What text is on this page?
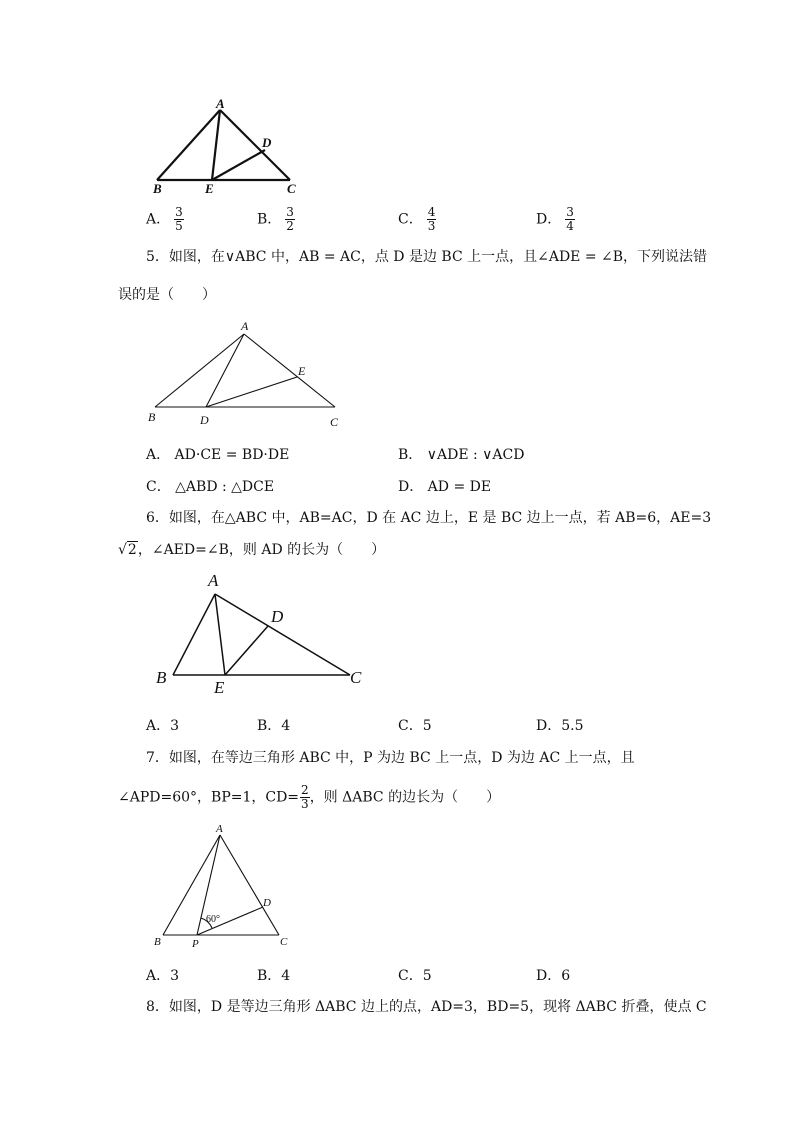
A
B	E	C
D
A． $\frac{3}{5}$	B． $\frac{3}{2}$	C． $\frac{4}{3}$	D． $\frac{3}{4}$
5．如图，在∨ABC 中，AB = AC，点 D 是边 BC 上一点，且∠ADE = ∠B，下列说法错
误的是（　　）
A
B	D	C
E
A． AD·CE = BD·DE	B． ∨ADE : ∨ACD
C． △ABD : △DCE	D． AD = DE
6．如图，在△ABC 中，AB=AC，D 在 AC 边上，E 是 BC 边上一点，若 AB=6，AE=3
√2，∠AED=∠B，则 AD 的长为（　　）
A
B
E
C
D
A．3	B．4	C．5	D．5.5
7．如图，在等边三角形 ABC 中，P 为边 BC 上一点，D 为边 AC 上一点，且
∠APD=60°，BP=1，$CD= \frac{2}{3}$ ，则 ΔABC 的边长为（　　）
A
B	P	C
D
60°
A．3	B．4	C．5	D．6
8．如图，D 是等边三角形 ΔABC 边上的点，AD=3，BD=5，现将 ΔABC 折叠，使点 C
